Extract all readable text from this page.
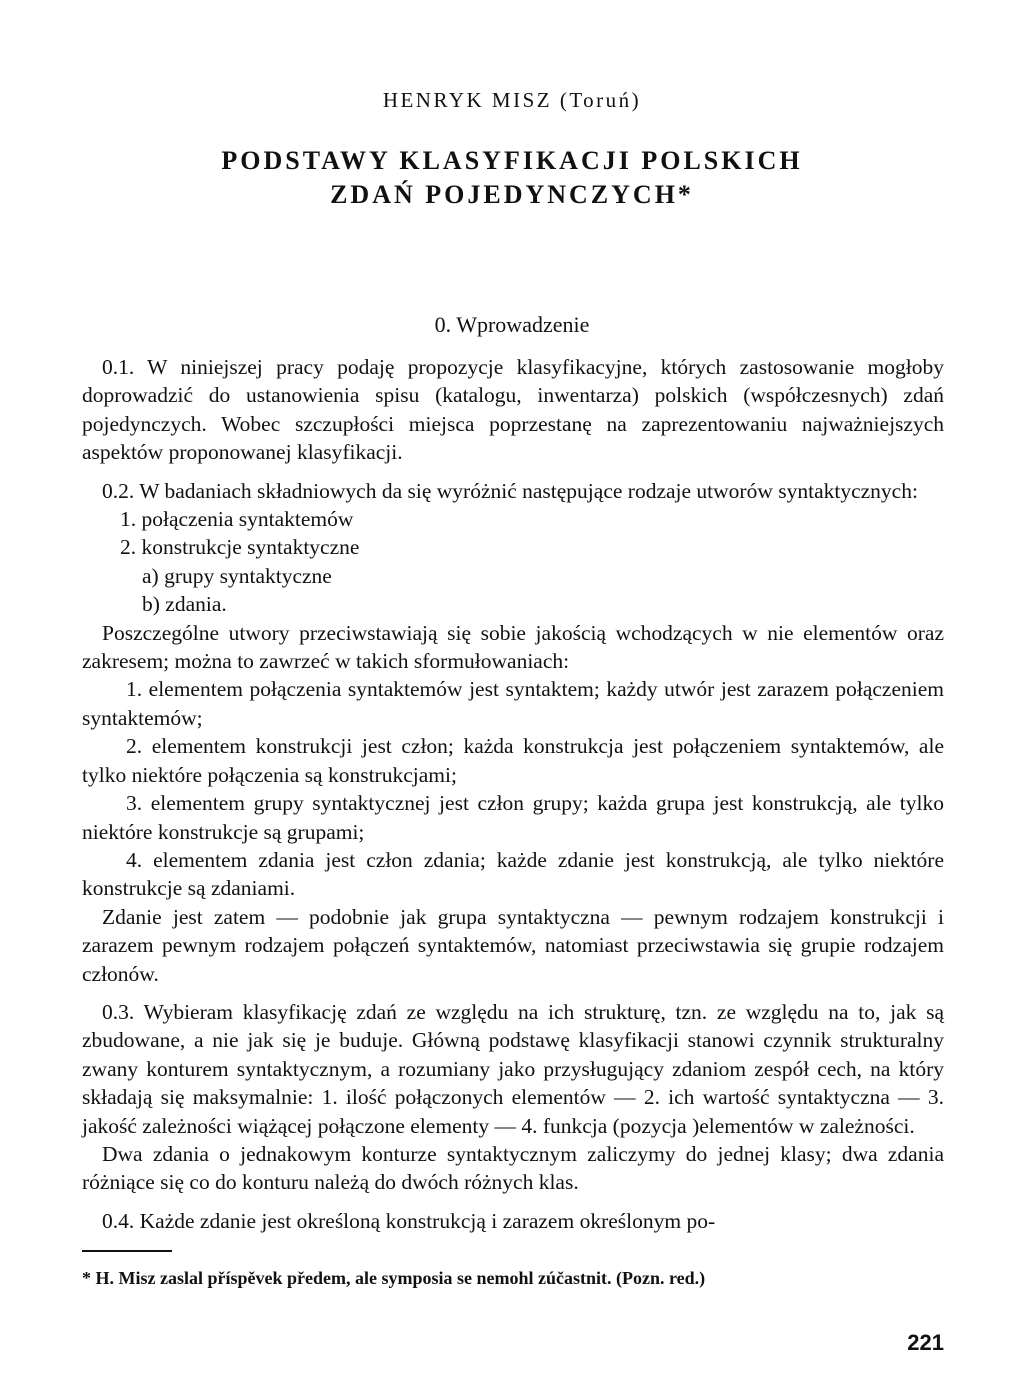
HENRYK MISZ (Toruń)
PODSTAWY KLASYFIKACJI POLSKICH
ZDAŃ POJEDYNCZYCH*
0. Wprowadzenie

0.1. W niniejszej pracy podaję propozycje klasyfikacyjne, których zastosowanie mogłoby doprowadzić do ustanowienia spisu (katalogu, inwentarza) polskich (współczesnych) zdań pojedynczych. Wobec szczupłości miejsca poprzestanę na zaprezentowaniu najważniejszych aspektów proponowanej klasyfikacji.

0.2. W badaniach składniowych da się wyróżnić następujące rodzaje utworów syntaktycznych:

1. połączenia syntaktemów

2. konstrukcje syntaktyczne

a) grupy syntaktyczne

b) zdania.

Poszczególne utwory przeciwstawiają się sobie jakością wchodzących w nie elementów oraz zakresem; można to zawrzeć w takich sformułowaniach:

1. elementem połączenia syntaktemów jest syntaktem; każdy utwór jest zarazem połączeniem syntaktemów;

2. elementem konstrukcji jest człon; każda konstrukcja jest połączeniem syntaktemów, ale tylko niektóre połączenia są konstrukcjami;

3. elementem grupy syntaktycznej jest człon grupy; każda grupa jest konstrukcją, ale tylko niektóre konstrukcje są grupami;

4. elementem zdania jest człon zdania; każde zdanie jest konstrukcją, ale tylko niektóre konstrukcje są zdaniami.

Zdanie jest zatem — podobnie jak grupa syntaktyczna — pewnym rodzajem konstrukcji i zarazem pewnym rodzajem połączeń syntaktemów, natomiast przeciwstawia się grupie rodzajem członów.

0.3. Wybieram klasyfikację zdań ze względu na ich strukturę, tzn. ze względu na to, jak są zbudowane, a nie jak się je buduje. Główną podstawę klasyfikacji stanowi czynnik strukturalny zwany konturem syntaktycznym, a rozumiany jako przysługujący zdaniom zespół cech, na który składają się maksymalnie: 1. ilość połączonych elementów — 2. ich wartość syntaktyczna — 3. jakość zależności wiążącej połączone elementy — 4. funkcja (pozycja )elementów w zależności.

Dwa zdania o jednakowym konturze syntaktycznym zaliczymy do jednej klasy; dwa zdania różniące się co do konturu należą do dwóch różnych klas.

0.4. Każde zdanie jest określoną konstrukcją i zarazem określonym po-

* H. Misz zaslal příspěvek předem, ale symposia se nemohl zúčastnit. (Pozn. red.)
221
